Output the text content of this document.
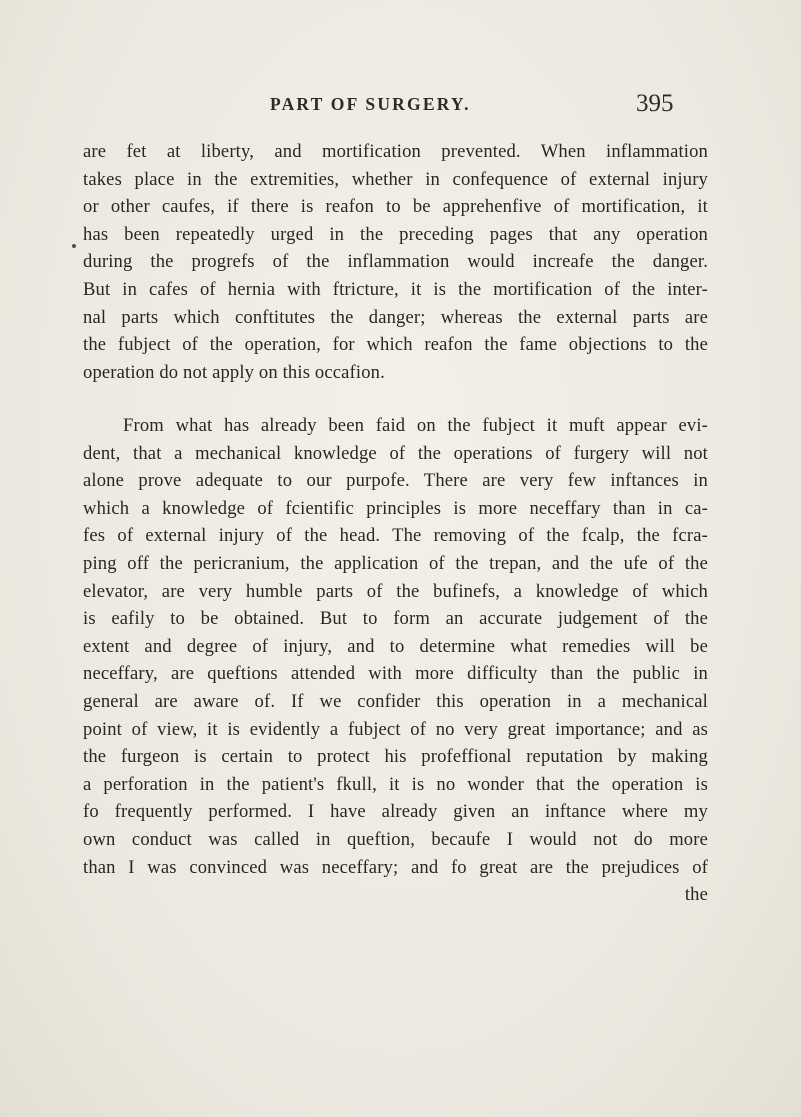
PART OF SURGERY.	395
are fet at liberty, and mortification prevented. When inflammation
takes place in the extremities, whether in confequence of external injury
or other caufes, if there is reafon to be apprehenfive of mortification, it
has been repeatedly urged in the preceding pages that any operation
during the progrefs of the inflammation would increafe the danger.
But in cafes of hernia with ftricture, it is the mortification of the inter-
nal parts which conftitutes the danger; whereas the external parts are
the fubject of the operation, for which reafon the fame objections to the
operation do not apply on this occafion.
From what has already been faid on the fubject it muft appear evi-
dent, that a mechanical knowledge of the operations of furgery will not
alone prove adequate to our purpofe. There are very few inftances in
which a knowledge of fcientific principles is more neceffary than in ca-
fes of external injury of the head. The removing of the fcalp, the fcra-
ping off the pericranium, the application of the trepan, and the ufe of the
elevator, are very humble parts of the bufinefs, a knowledge of which
is eafily to be obtained. But to form an accurate judgement of the
extent and degree of injury, and to determine what remedies will be
neceffary, are queftions attended with more difficulty than the public in
general are aware of. If we confider this operation in a mechanical
point of view, it is evidently a fubject of no very great importance; and as
the furgeon is certain to protect his profeffional reputation by making
a perforation in the patient's fkull, it is no wonder that the operation is
fo frequently performed. I have already given an inftance where my
own conduct was called in queftion, becaufe I would not do more
than I was convinced was neceffary; and fo great are the prejudices of
the
